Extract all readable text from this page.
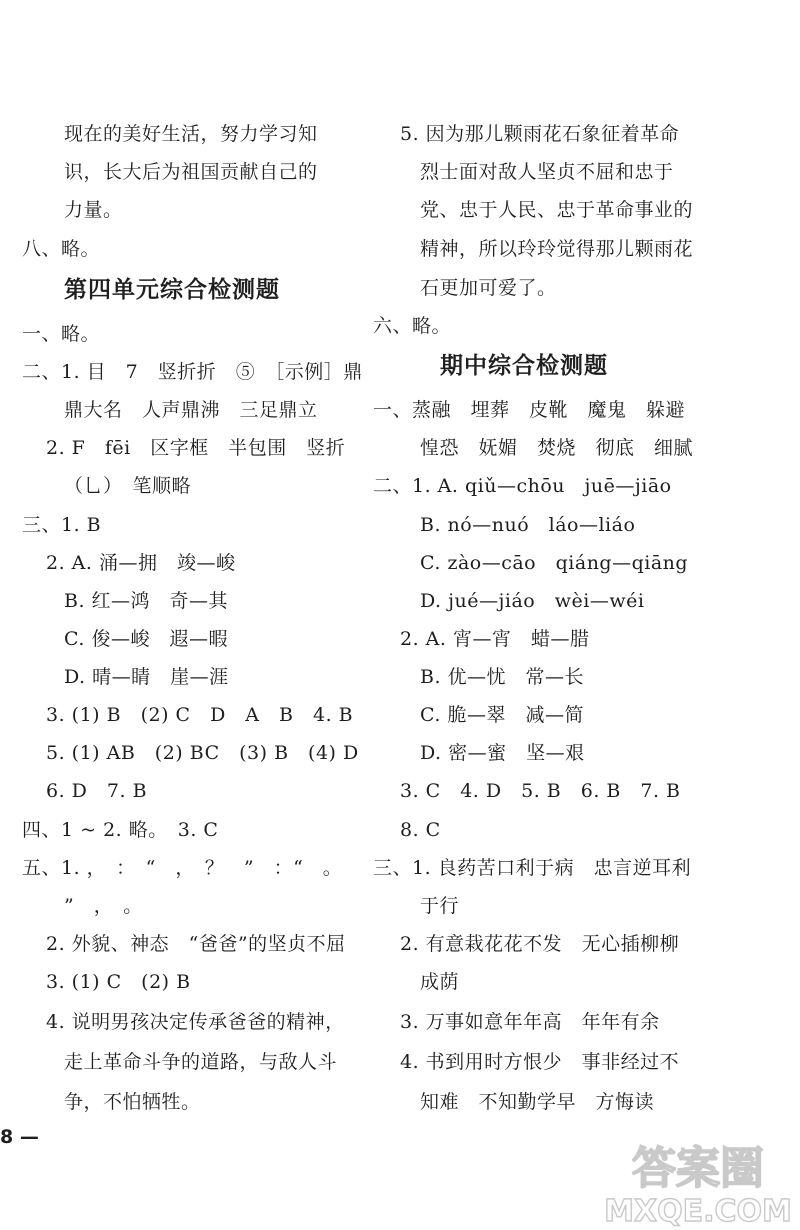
现在的美好生活，努力学习知
识，长大后为祖国贡献自己的
力量。
八、略。
第四单元综合检测题
一、略。
二、1. 目　7　竖折折　⑤　［示例］鼎
鼎大名　人声鼎沸　三足鼎立
2. F　fēi　区字框　半包围　竖折
（乚）　笔顺略
三、1. B
2. A. 涌—拥　竣—峻
B. 红—鸿　奇—其
C. 俊—峻　遐—暇
D. 晴—睛　崖—涯
3. (1) B　(2) C　D　A　B　4. B
5. (1) AB　(2) BC　(3) B　(4) D
6. D　7. B
四、1 ~ 2. 略。　3. C
五、1. ，　：　“　，　？　”　：“　。
”　，　。
2. 外貌、神态　“爸爸”的坚贞不屈
3. (1) C　(2) B
4. 说明男孩决定传承爸爸的精神，
走上革命斗争的道路，与敌人斗
争，不怕牺牲。
5. 因为那儿颗雨花石象征着革命
烈士面对敌人坚贞不屈和忠于
党、忠于人民、忠于革命事业的
精神，所以玲玲觉得那儿颗雨花
石更加可爱了。
六、略。
期中综合检测题
一、蒸融　埋葬　皮靴　魔鬼　躲避
惶恐　妩媚　焚烧　彻底　细腻
二、1. A. qiǔ—chōu　juē—jiāo
B. nó—nuó　láo—liáo
C. zào—cāo　qiáng—qiāng
D. jué—jiáo　wèi—wéi
2. A. 宵—宵　蜡—腊
B. 优—忧　常—长
C. 脆—翠　减—简
D. 密—蜜　坚—艰
3. C　4. D　5. B　6. B　7. B
8. C
三、1. 良药苦口利于病　忠言逆耳利
于行
2. 有意栽花花不发　无心插柳柳
成荫
3. 万事如意年年高　年年有余
4. 书到用时方恨少　事非经过不
知难　不知勤学早　方悔读
8 —
答案圈
MXQE.COM
